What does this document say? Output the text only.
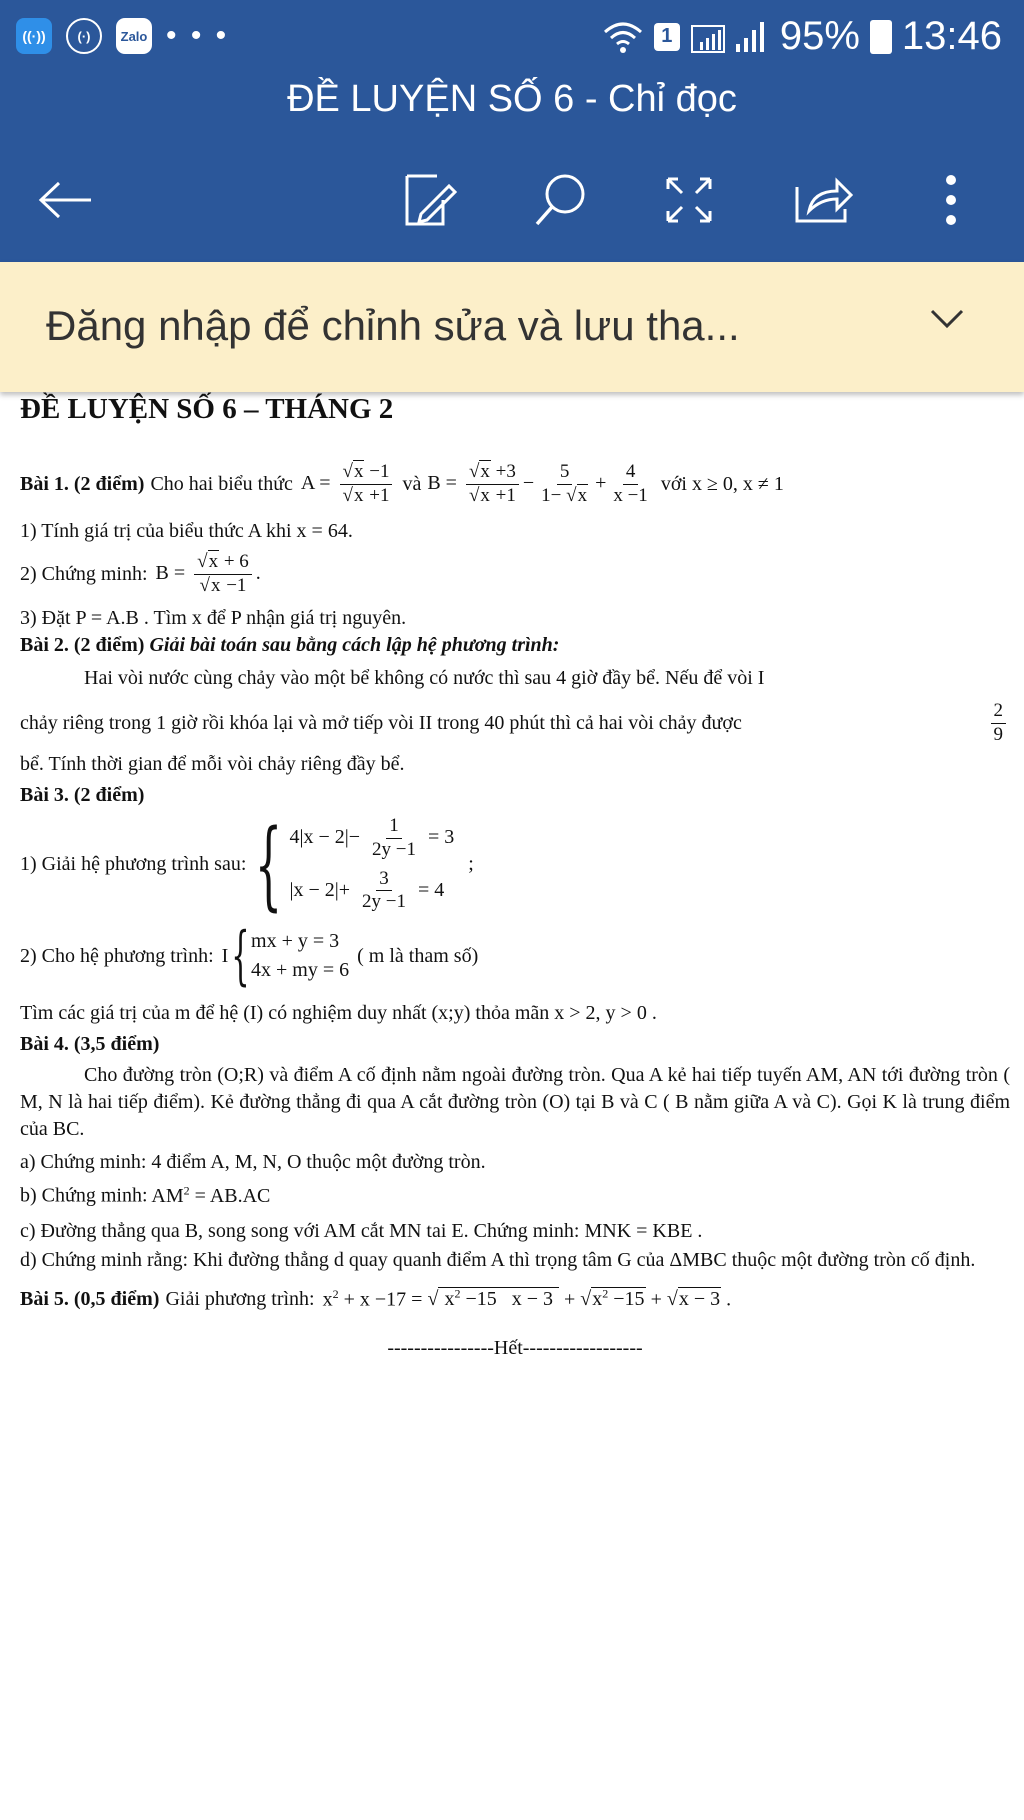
((·))	(·)	Zalo • • •	1	95% 13:46
ĐỀ LUYỆN SỐ 6 - Chỉ đọc
Đăng nhập để chỉnh sửa và lưu tha...

ĐỀ LUYỆN SỐ 6 – THÁNG 2

Bài 1. (2 điểm) Cho hai biểu thức A = √ x −1
√ x +1 và B = √ x +3
√ $x +1 - \frac{5}{1- √ x} + \frac{4}{x -1}$ với x ≥ 0, x ≠ 1

1) Tính giá trị của biểu thức A khi x = 64.

2) Chứng minh: B = √ x + 6
√ x −1 .

3) Đặt P = A.B . Tìm x để P nhận giá trị nguyên.

Bài 2. (2 điểm) Giải bài toán sau bằng cách lập hệ phương trình:

Hai vòi nước cùng chảy vào một bể không có nước thì sau 4 giờ đầy bể. Nếu để vòi I

chảy riêng trong 1 giờ rồi khóa lại và mở tiếp vòi II trong 40 phút thì cả hai vòi chảy được	$\frac{2}{9}$

bể. Tính thời gian để mỗi vòi chảy riêng đầy bể.

Bài 3. (2 điểm)

1) Giải hệ phương trình sau: { $4|x - 2|- \frac{1}{2y -1} = 3$
$|x - 2|+ \frac{3}{2y -1} = 4$
;
2) Cho hệ phương trình: I { mx + y = 3
4x + my = 6
( m là tham số)

Tìm các giá trị của m để hệ (I) có nghiệm duy nhất (x;y) thỏa mãn x > 2, y > 0 .

Bài 4. (3,5 điểm)

Cho đường tròn (O;R) và điểm A cố định nằm ngoài đường tròn. Qua A kẻ hai tiếp tuyến AM, AN tới đường tròn ( M, N là hai tiếp điểm). Kẻ đường thẳng đi qua A cắt đường tròn (O) tại B và C ( B nằm giữa A và C). Gọi K là trung điểm của BC.

a) Chứng minh: 4 điểm A, M, N, O thuộc một đường tròn.

b) Chứng minh: $AM^2 = AB.AC$

c) Đường thẳng qua B, song song với AM cắt MN tai E. Chứng minh: MNK = KBE .

d) Chứng minh rằng: Khi đường thẳng d quay quanh điểm A thì trọng tâm G của ΔMBC thuộc một đường tròn cố định.

Bài 5. (0,5 điểm) Giải phương trình: $x^2 + x -17$ = √  $x^2 -15$   x − 3  + √ $x^2 -15$ + √ x − 3 .

----------------Hết------------------
